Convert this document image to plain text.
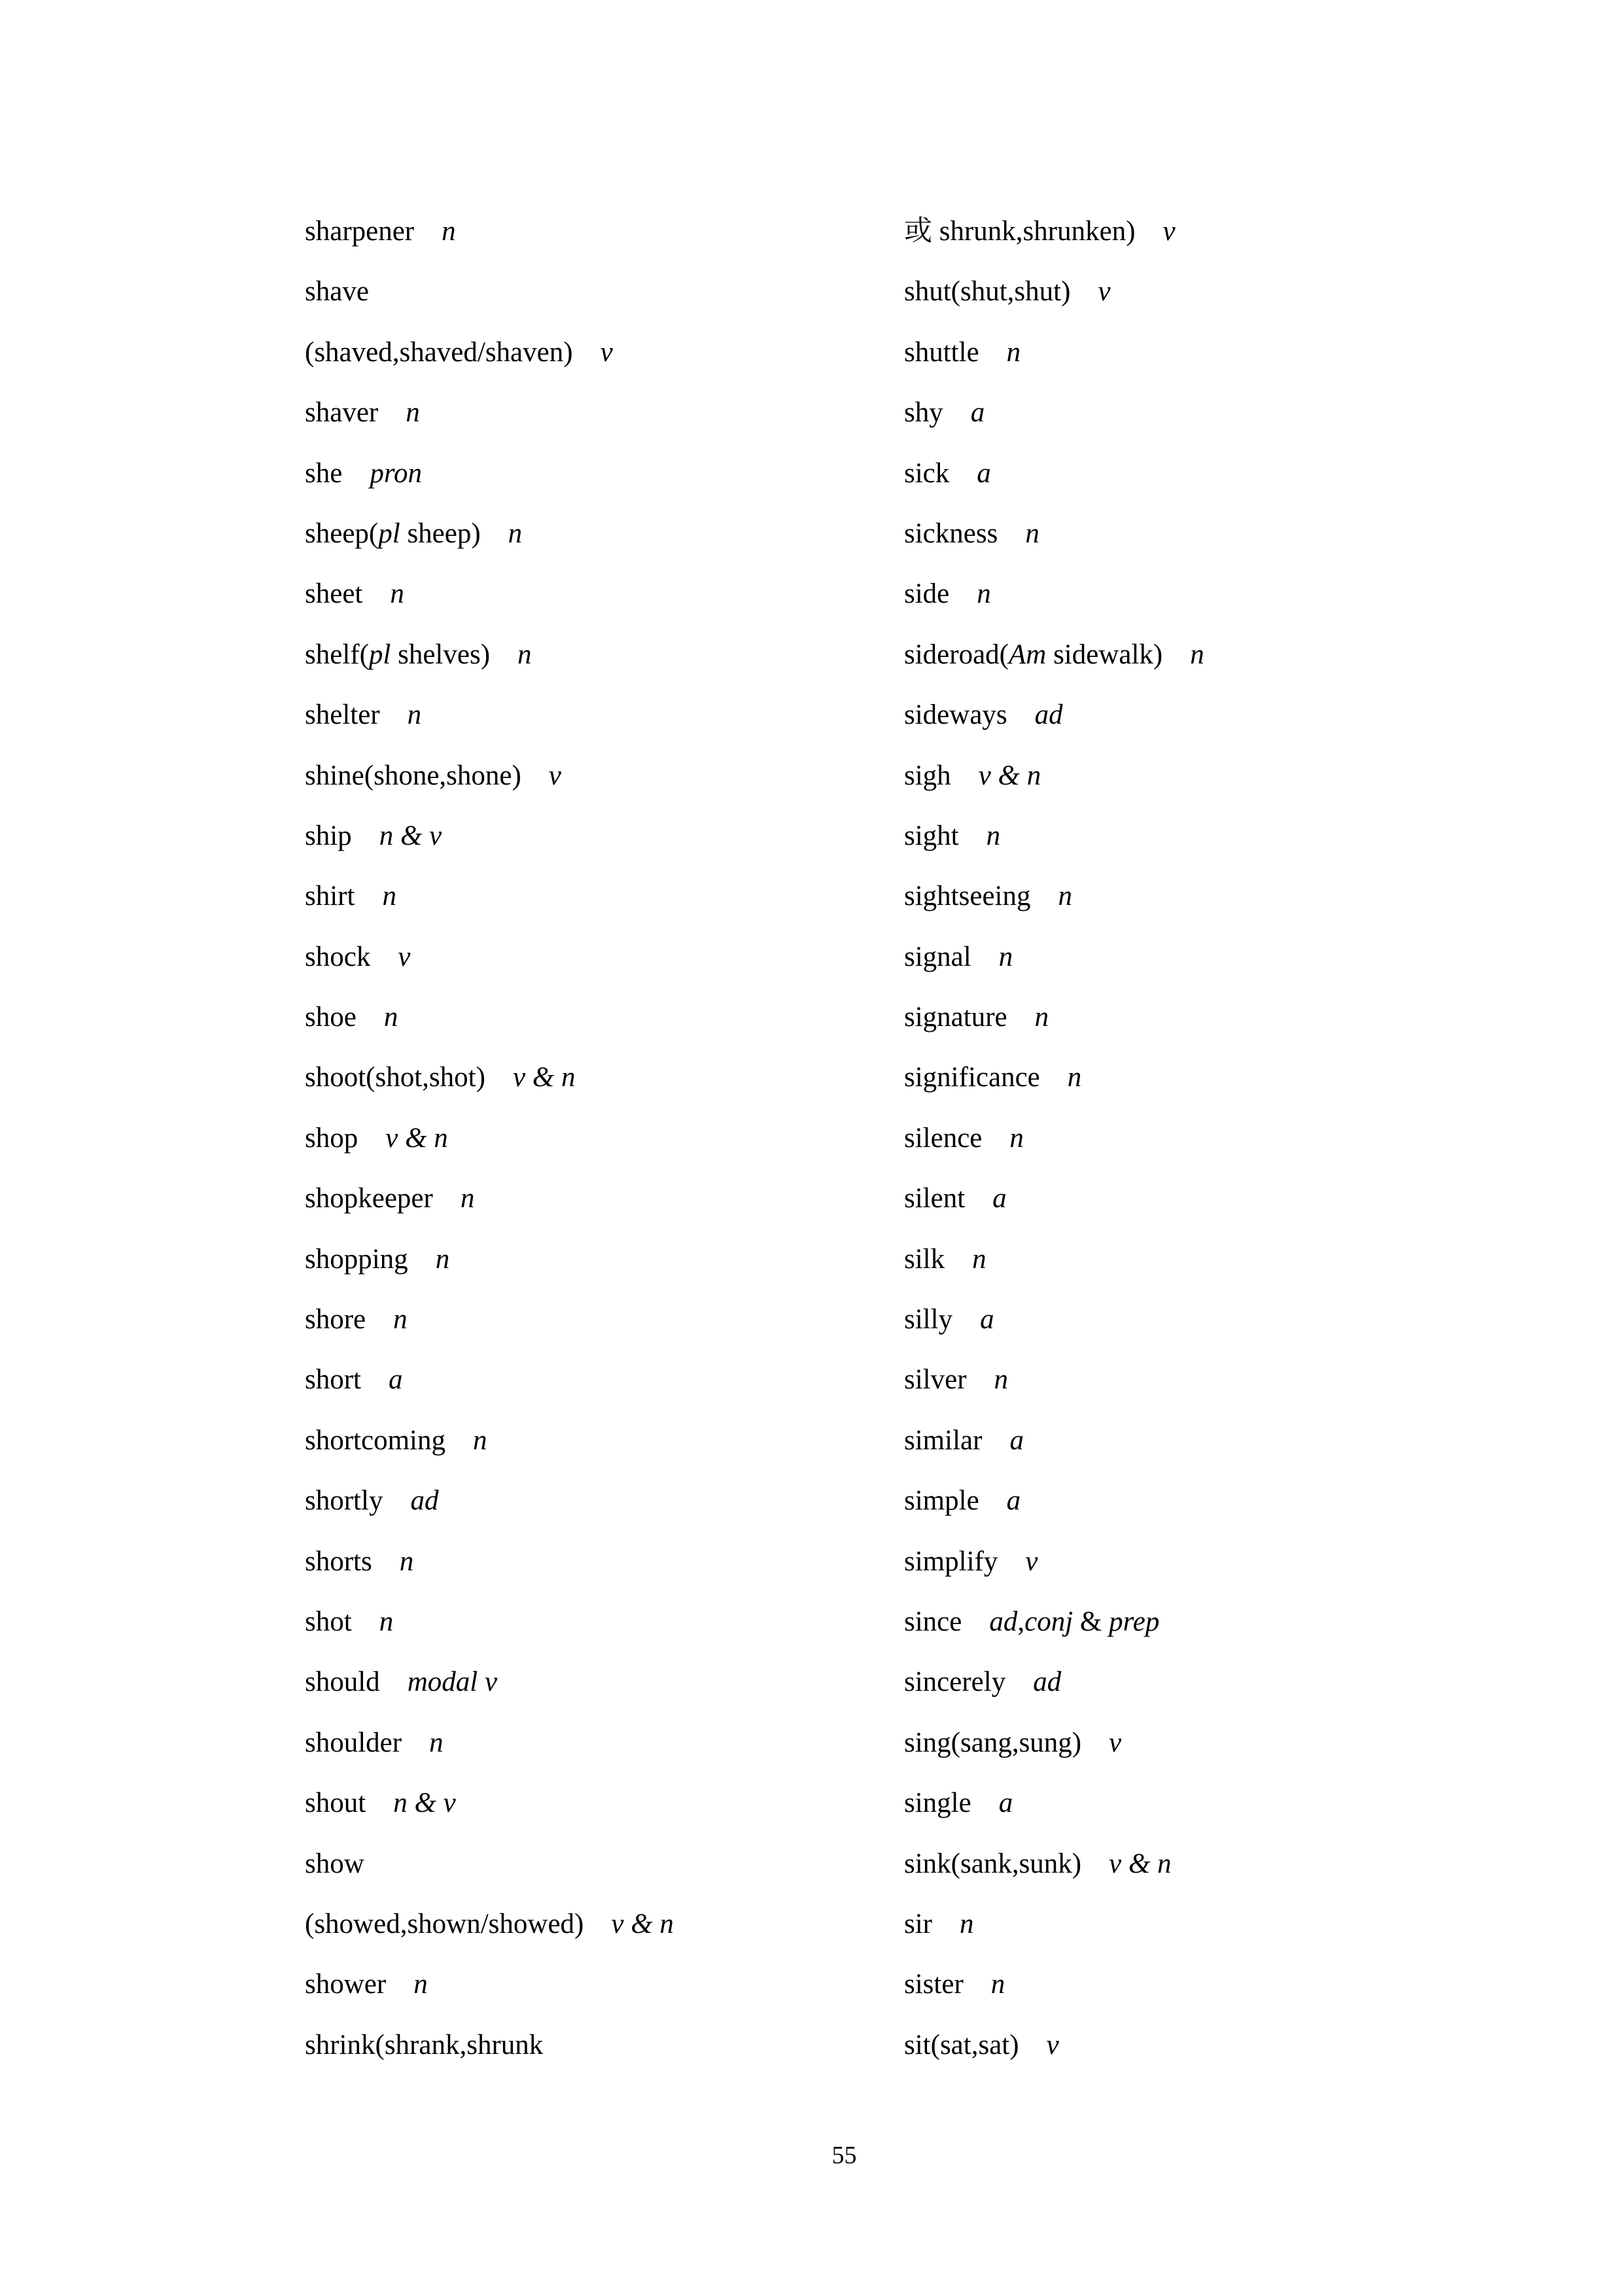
sharpener n
shave
(shaved,shaved/shaven) v
shaver n
she pron
sheep(pl sheep) n
sheet n
shelf(pl shelves) n
shelter n
shine(shone,shone) v
ship n & v
shirt n
shock v
shoe n
shoot(shot,shot) v & n
shop v & n
shopkeeper n
shopping n
shore n
short a
shortcoming n
shortly ad
shorts n
shot n
should modal v
shoulder n
shout n & v
show
(showed,shown/showed) v & n
shower n
shrink(shrank,shrunk
或 shrunk,shrunken) v
shut(shut,shut) v
shuttle n
shy a
sick a
sickness n
side n
sideroad(Am sidewalk) n
sideways ad
sigh v & n
sight n
sightseeing n
signal n
signature n
significance n
silence n
silent a
silk n
silly a
silver n
similar a
simple a
simplify v
since ad,conj & prep
sincerely ad
sing(sang,sung) v
single a
sink(sank,sunk) v & n
sir n
sister n
sit(sat,sat) v
55
